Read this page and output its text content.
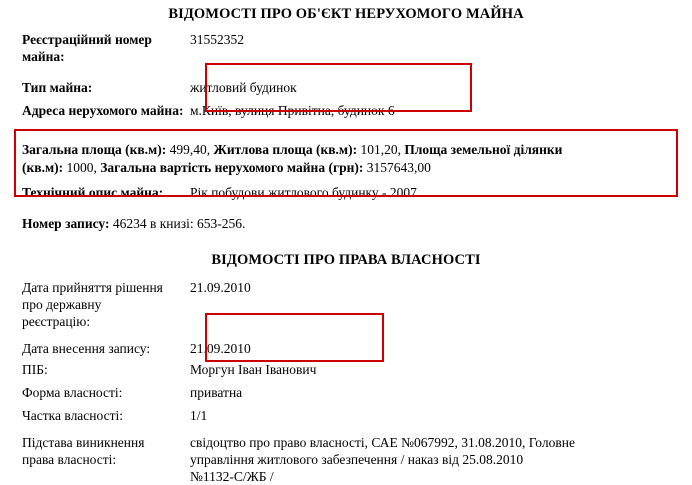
ВІДОМОСТІ ПРО ОБ'ЄКТ НЕРУХОМОГО МАЙНА
Реєстраційний номер майна:
31552352
Тип майна:	житловий будинок
Адреса нерухомого майна: м.Київ, вулиця Привітна, будинок 6
Загальна площа (кв.м): 499,40, Житлова площа (кв.м): 101,20, Площа земельної ділянки
(кв.м): 1000, Загальна вартість нерухомого майна (грн): 3157643,00
Технічний опис майна:	Рік побудови житлового будинку - 2007
Номер запису: 46234 в книзі: 653-256.
ВІДОМОСТІ ПРО ПРАВА ВЛАСНОСТІ
Дата прийняття рішення
про державну
реєстрацію:
21.09.2010
Дата внесення запису:	21.09.2010
ПІБ:	Моргун Іван Іванович
Форма власності:	приватна
Частка власності:	1/1
Підстава виникнення
права власності:
свідоцтво про право власності, САЕ №067992, 31.08.2010, Головне
управління житлового забезпечення / наказ від 25.08.2010
№1132-С/ЖБ /
